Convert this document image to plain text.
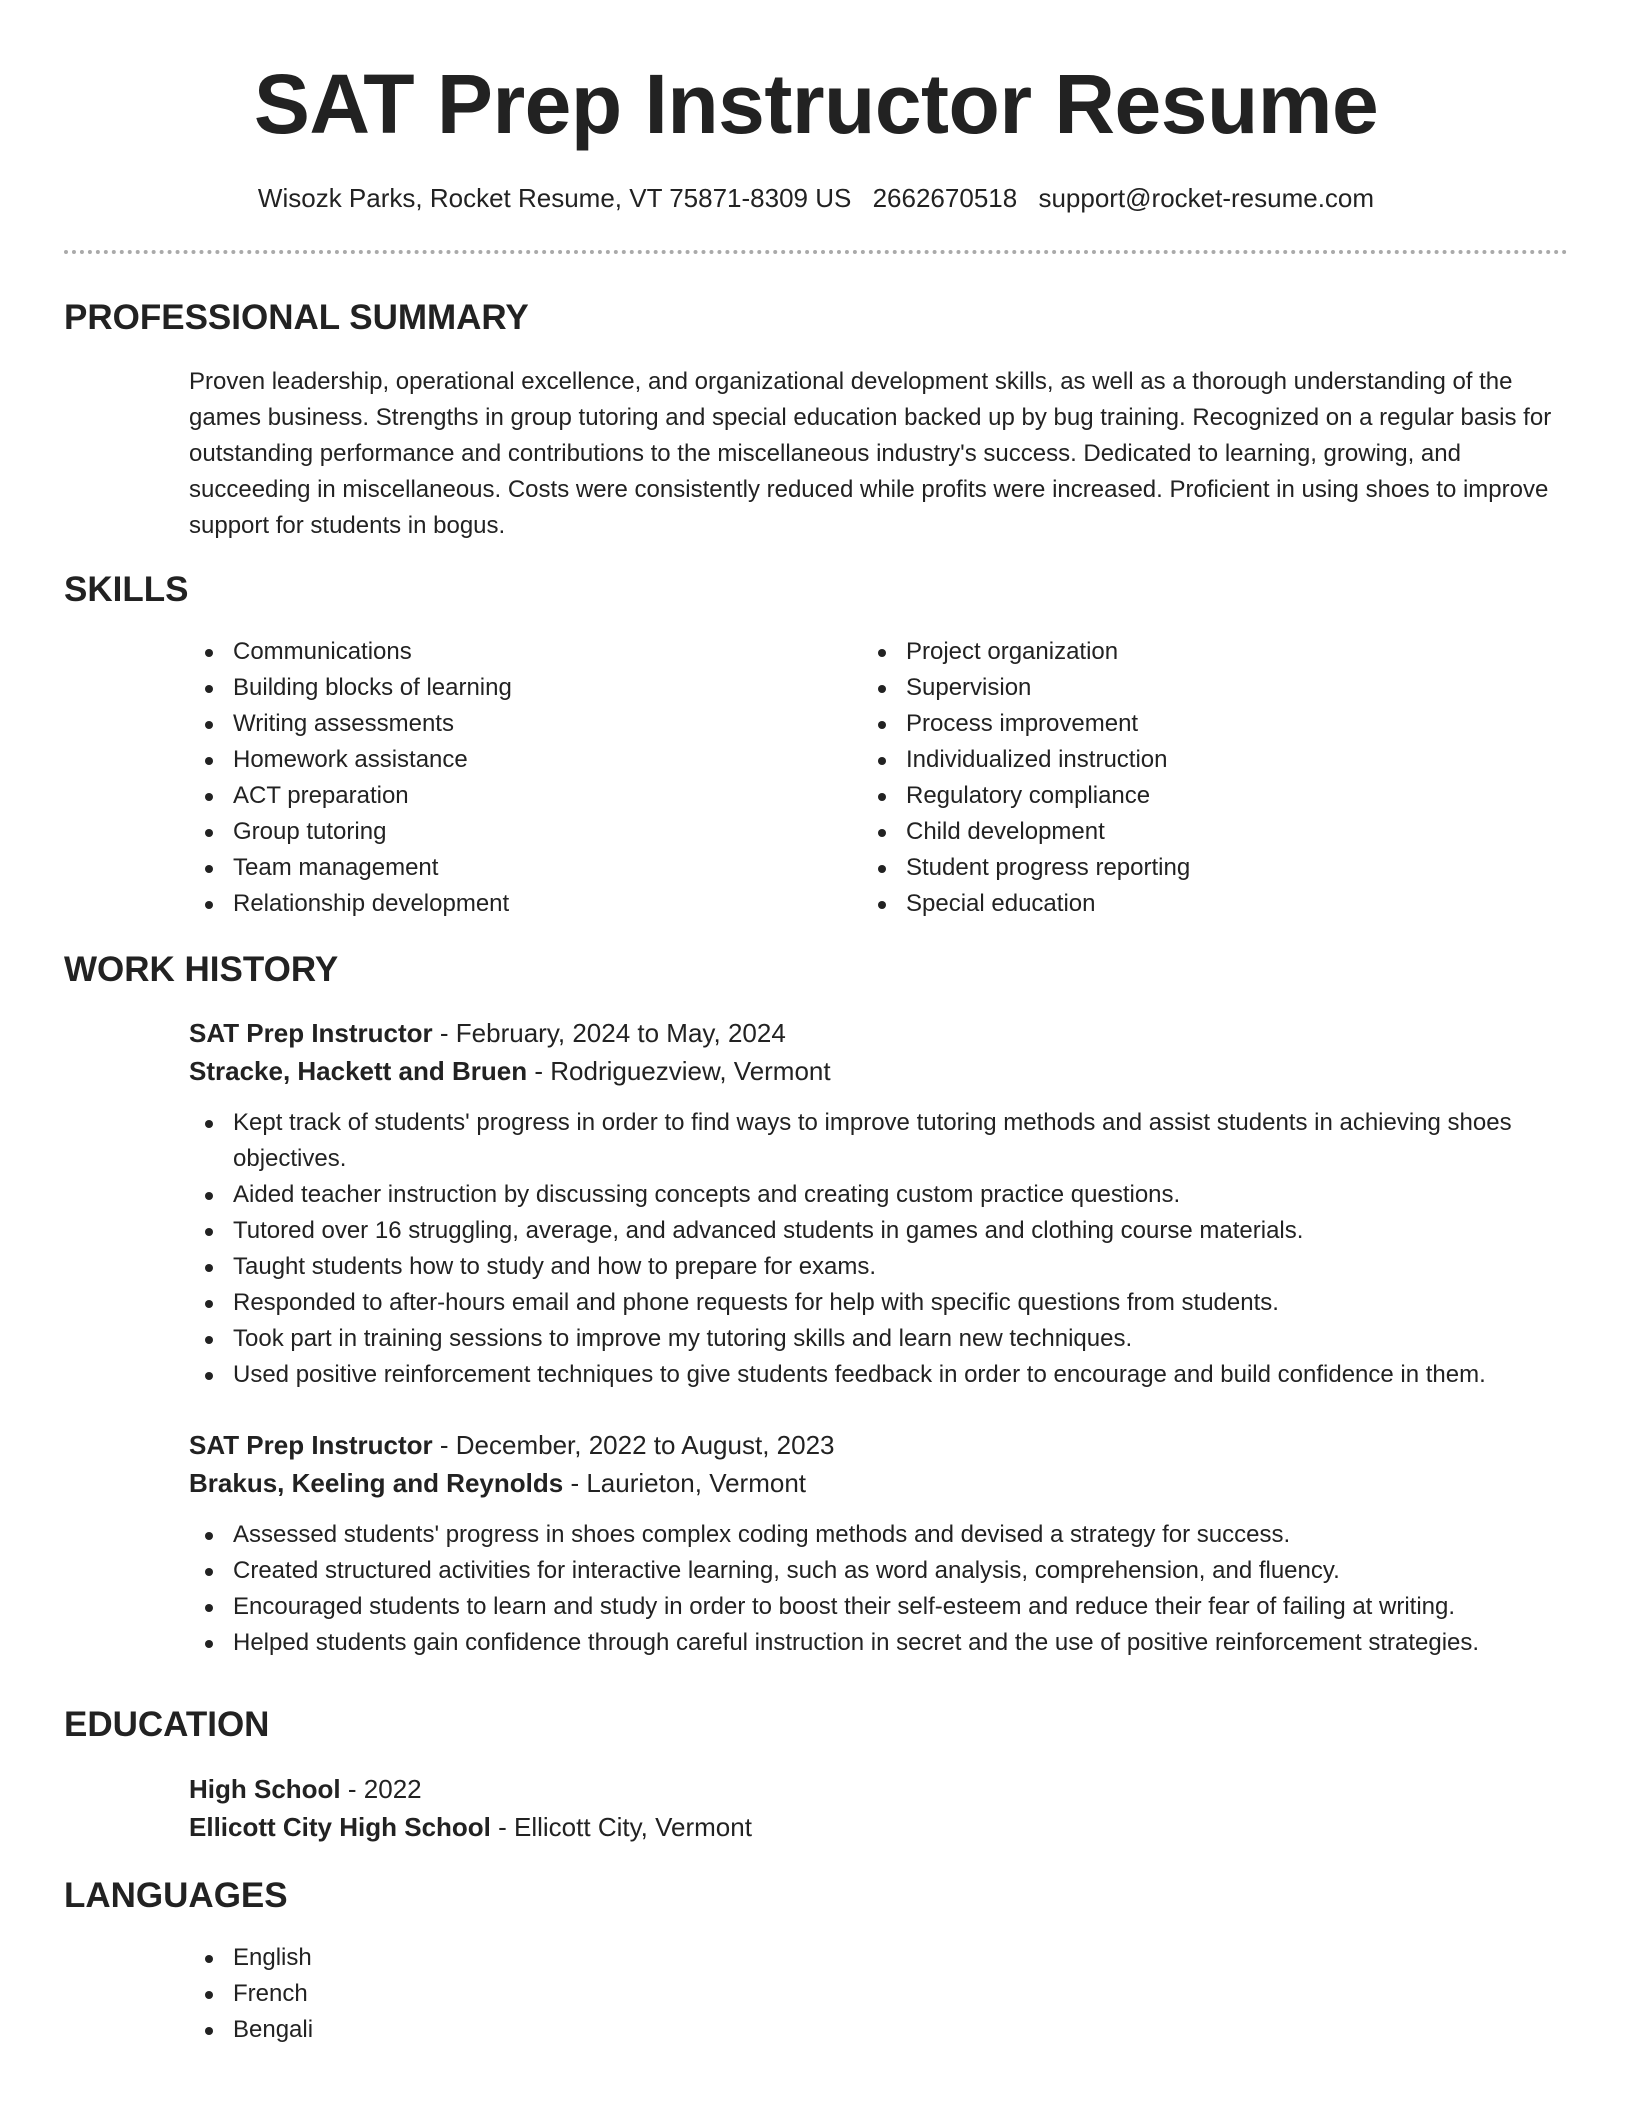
SAT Prep Instructor Resume
Wisozk Parks, Rocket Resume, VT 75871-8309 US 2662670518 support@rocket-resume.com
PROFESSIONAL SUMMARY

Proven leadership, operational excellence, and organizational development skills, as well as a thorough understanding of the games business. Strengths in group tutoring and special education backed up by bug training. Recognized on a regular basis for outstanding performance and contributions to the miscellaneous industry's success. Dedicated to learning, growing, and succeeding in miscellaneous. Costs were consistently reduced while profits were increased. Proficient in using shoes to improve support for students in bogus.

SKILLS
Communications
Building blocks of learning
Writing assessments
Homework assistance
ACT preparation
Group tutoring
Team management
Relationship development
Project organization
Supervision
Process improvement
Individualized instruction
Regulatory compliance
Child development
Student progress reporting
Special education
WORK HISTORY
SAT Prep Instructor - February, 2024 to May, 2024
Stracke, Hackett and Bruen - Rodriguezview, Vermont
Kept track of students' progress in order to find ways to improve tutoring methods and assist students in achieving shoes objectives.
Aided teacher instruction by discussing concepts and creating custom practice questions.
Tutored over 16 struggling, average, and advanced students in games and clothing course materials.
Taught students how to study and how to prepare for exams.
Responded to after-hours email and phone requests for help with specific questions from students.
Took part in training sessions to improve my tutoring skills and learn new techniques.
Used positive reinforcement techniques to give students feedback in order to encourage and build confidence in them.
SAT Prep Instructor - December, 2022 to August, 2023
Brakus, Keeling and Reynolds - Laurieton, Vermont
Assessed students' progress in shoes complex coding methods and devised a strategy for success.
Created structured activities for interactive learning, such as word analysis, comprehension, and fluency.
Encouraged students to learn and study in order to boost their self-esteem and reduce their fear of failing at writing.
Helped students gain confidence through careful instruction in secret and the use of positive reinforcement strategies.
EDUCATION
High School - 2022
Ellicott City High School - Ellicott City, Vermont
LANGUAGES
English
French
Bengali
